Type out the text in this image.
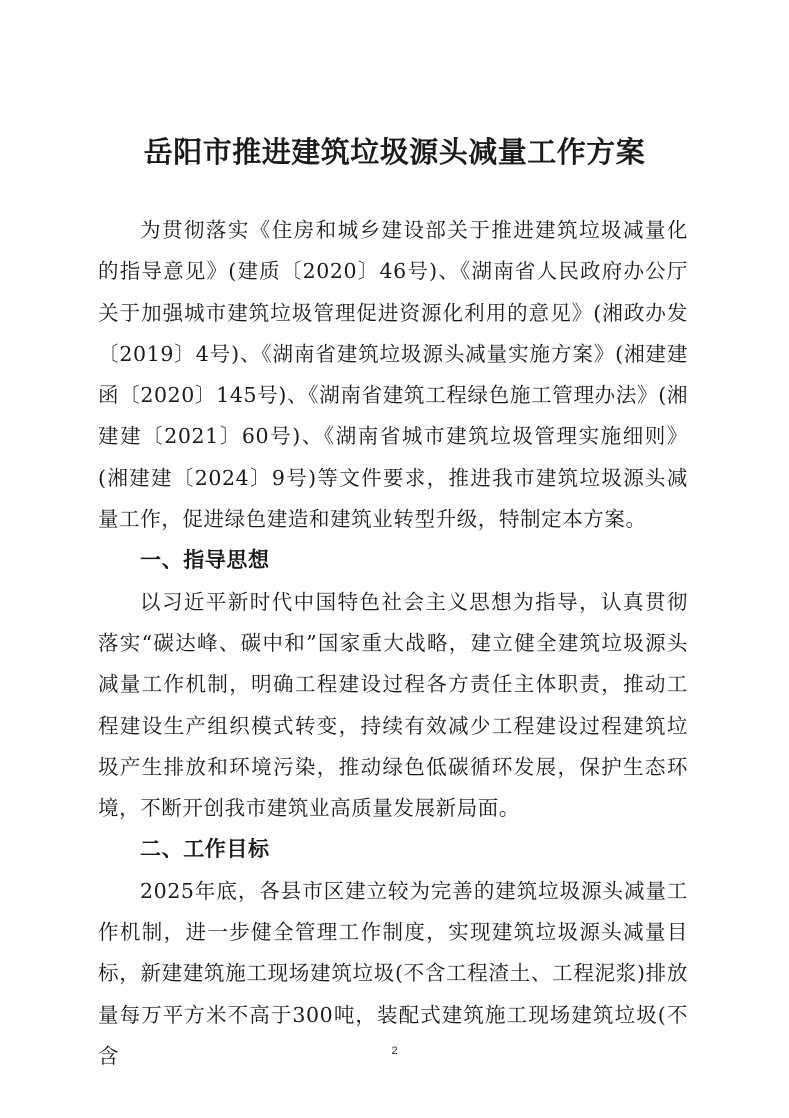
岳阳市推进建筑垃圾源头减量工作方案

为贯彻落实《住房和城乡建设部关于推进建筑垃圾减量化的指导意见》(建质〔2020〕46号)、《湖南省人民政府办公厅关于加强城市建筑垃圾管理促进资源化利用的意见》(湘政办发〔2019〕4号)、《湖南省建筑垃圾源头减量实施方案》(湘建建函〔2020〕145号)、《湖南省建筑工程绿色施工管理办法》(湘建建〔2021〕60号)、《湖南省城市建筑垃圾管理实施细则》(湘建建〔2024〕9号)等文件要求，推进我市建筑垃圾源头减量工作，促进绿色建造和建筑业转型升级，特制定本方案。

一、指导思想

以习近平新时代中国特色社会主义思想为指导，认真贯彻落实“碳达峰、碳中和”国家重大战略，建立健全建筑垃圾源头减量工作机制，明确工程建设过程各方责任主体职责，推动工程建设生产组织模式转变，持续有效减少工程建设过程建筑垃圾产生排放和环境污染，推动绿色低碳循环发展，保护生态环境，不断开创我市建筑业高质量发展新局面。

二、工作目标

2025年底，各县市区建立较为完善的建筑垃圾源头减量工作机制，进一步健全管理工作制度，实现建筑垃圾源头减量目标，新建建筑施工现场建筑垃圾(不含工程渣土、工程泥浆)排放量每万平方米不高于300吨，装配式建筑施工现场建筑垃圾(不含	2
